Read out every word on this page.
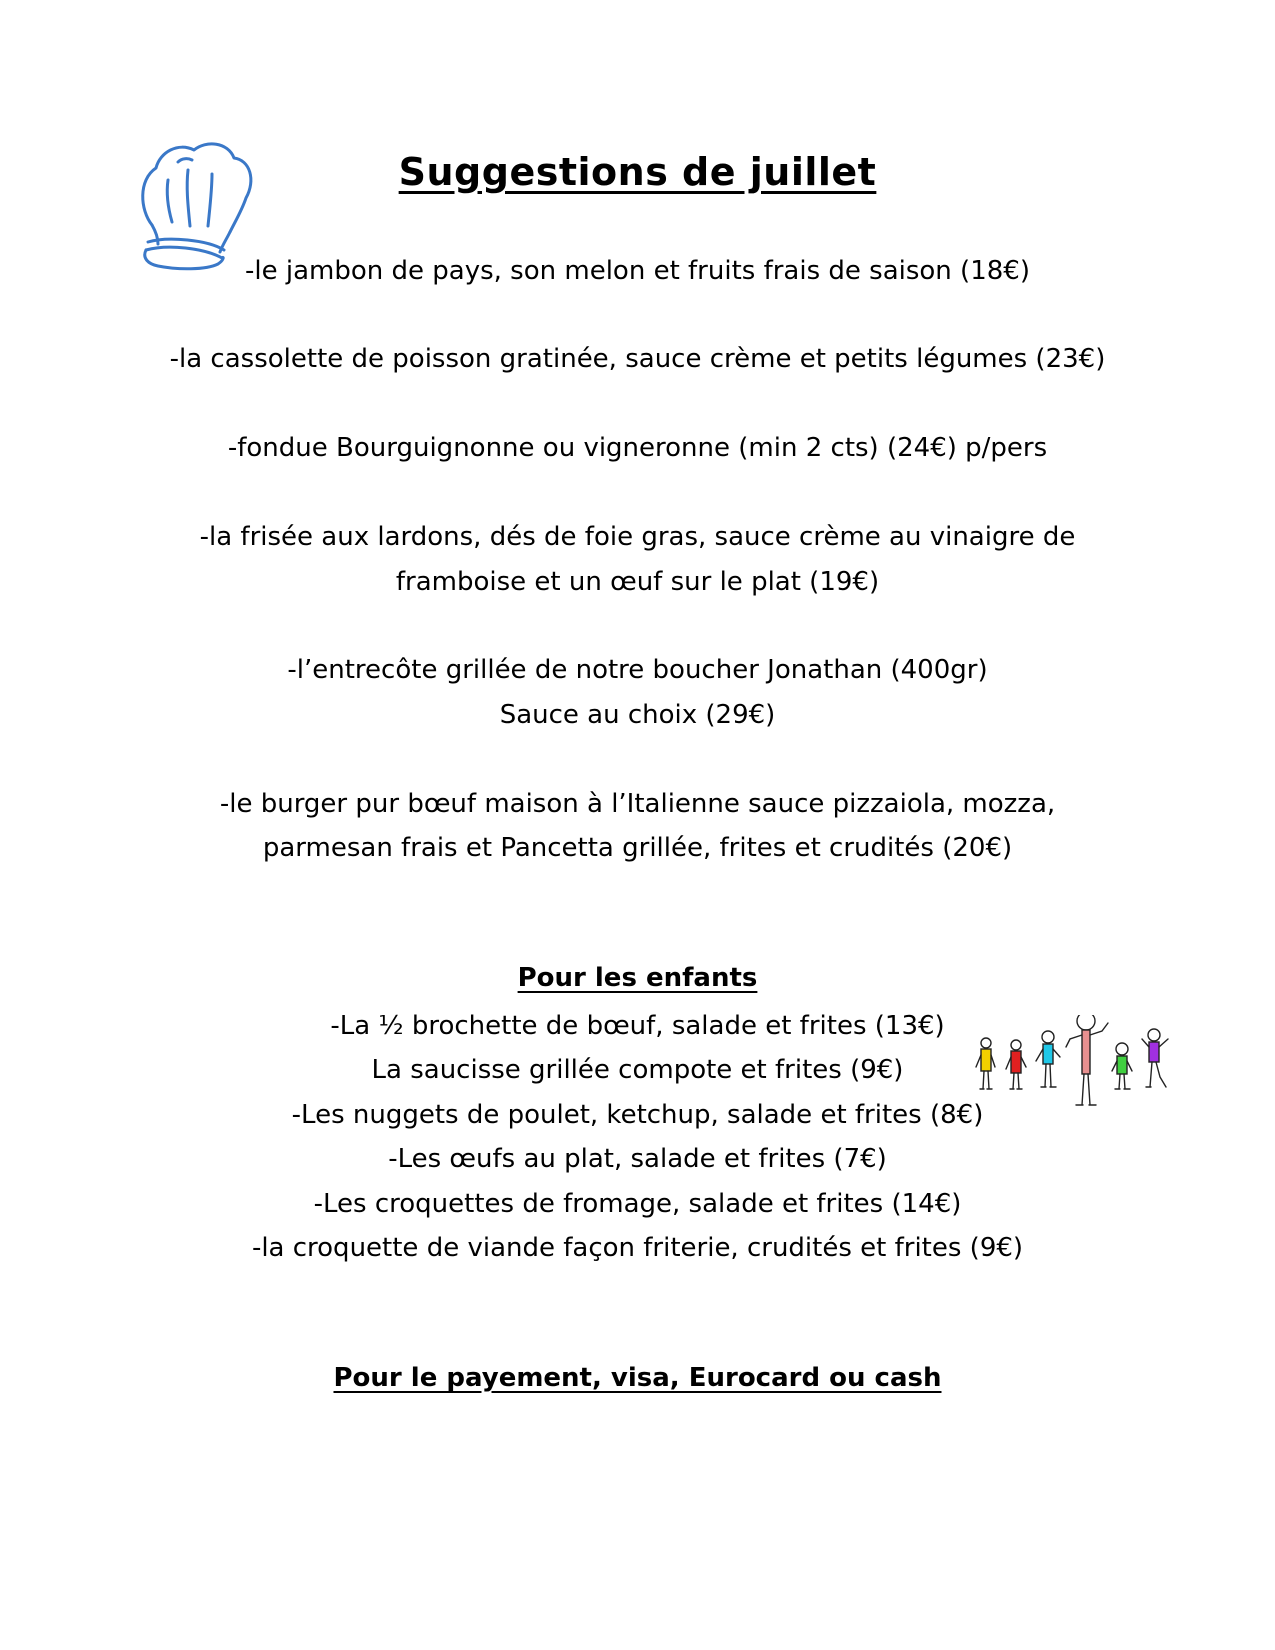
Suggestions de juillet
-le jambon de pays, son melon et fruits frais de saison (18€)
-la cassolette de poisson gratinée, sauce crème et petits légumes (23€)
-fondue Bourguignonne ou vigneronne (min 2 cts) (24€) p/pers
-la frisée aux lardons, dés de foie gras, sauce crème au vinaigre de
framboise et un œuf sur le plat (19€)
-l’entrecôte grillée de notre boucher Jonathan (400gr)
Sauce au choix (29€)
-le burger pur bœuf maison à l’Italienne sauce pizzaiola, mozza,
parmesan frais et Pancetta grillée, frites et crudités (20€)
Pour les enfants
-La ½ brochette de bœuf, salade et frites (13€)
La saucisse grillée compote et frites (9€)
-Les nuggets de poulet, ketchup, salade et frites (8€)
-Les œufs au plat, salade et frites (7€)
-Les croquettes de fromage, salade et frites (14€)
-la croquette de viande façon friterie, crudités et frites (9€)
Pour le payement, visa, Eurocard ou cash
